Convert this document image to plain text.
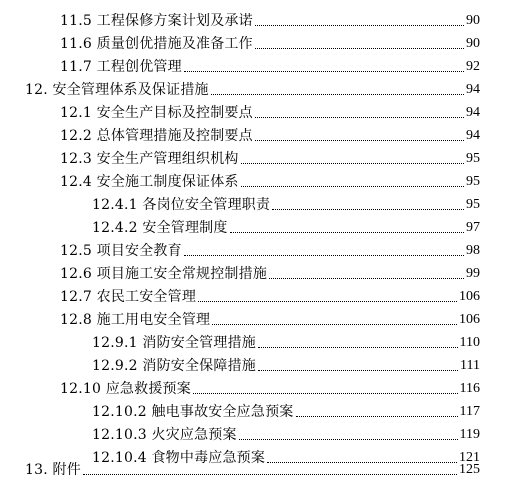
11.5 工程保修方案计划及承诺	90
11.6 质量创优措施及准备工作	90
11.7 工程创优管理	92
12. 安全管理体系及保证措施	94
12.1 安全生产目标及控制要点	94
12.2 总体管理措施及控制要点	94
12.3 安全生产管理组织机构	95
12.4 安全施工制度保证体系	95
12.4.1 各岗位安全管理职责	95
12.4.2 安全管理制度	97
12.5 项目安全教育	98
12.6 项目施工安全常规控制措施	99
12.7 农民工安全管理	106
12.8 施工用电安全管理	106
12.9.1 消防安全管理措施	110
12.9.2 消防安全保障措施	111
12.10 应急救援预案	116
12.10.2 触电事故安全应急预案	117
12.10.3 火灾应急预案	119
12.10.4 食物中毒应急预案	121
13. 附件	125
